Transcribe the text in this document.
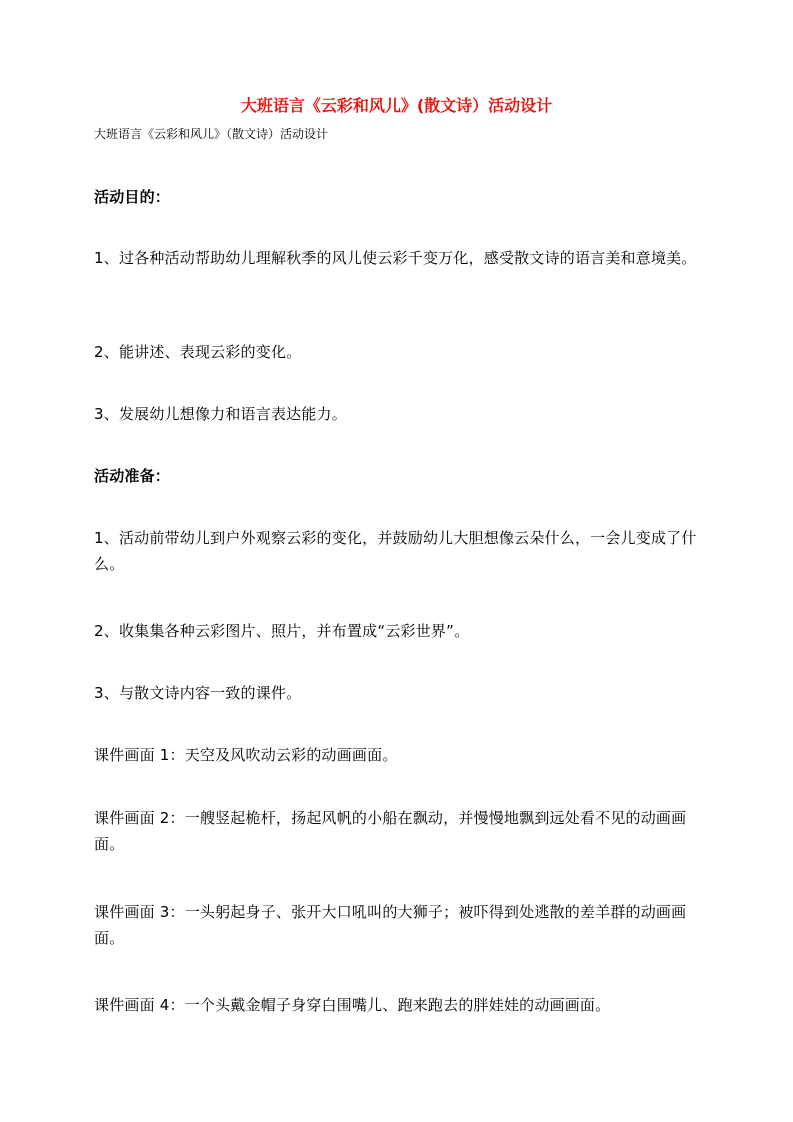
大班语言《云彩和风儿》(散文诗）活动设计
大班语言《云彩和风儿》（散文诗）活动设计
活动目的：
1、过各种活动帮助幼儿理解秋季的风儿使云彩千变万化，感受散文诗的语言美和意境美。
2、能讲述、表现云彩的变化。
3、发展幼儿想像力和语言表达能力。
活动准备：
1、活动前带幼儿到户外观察云彩的变化，并鼓励幼儿大胆想像云朵什么，一会儿变成了什么。
2、收集集各种云彩图片、照片，并布置成“云彩世界”。
3、与散文诗内容一致的课件。
课件画面 1：天空及风吹动云彩的动画画面。
课件画面 2：一艘竖起桅杆，扬起风帆的小船在飘动，并慢慢地飘到远处看不见的动画画面。
课件画面 3：一头躬起身子、张开大口吼叫的大狮子；被吓得到处逃散的差羊群的动画画面。
课件画面 4：一个头戴金帽子身穿白围嘴儿、跑来跑去的胖娃娃的动画画面。
